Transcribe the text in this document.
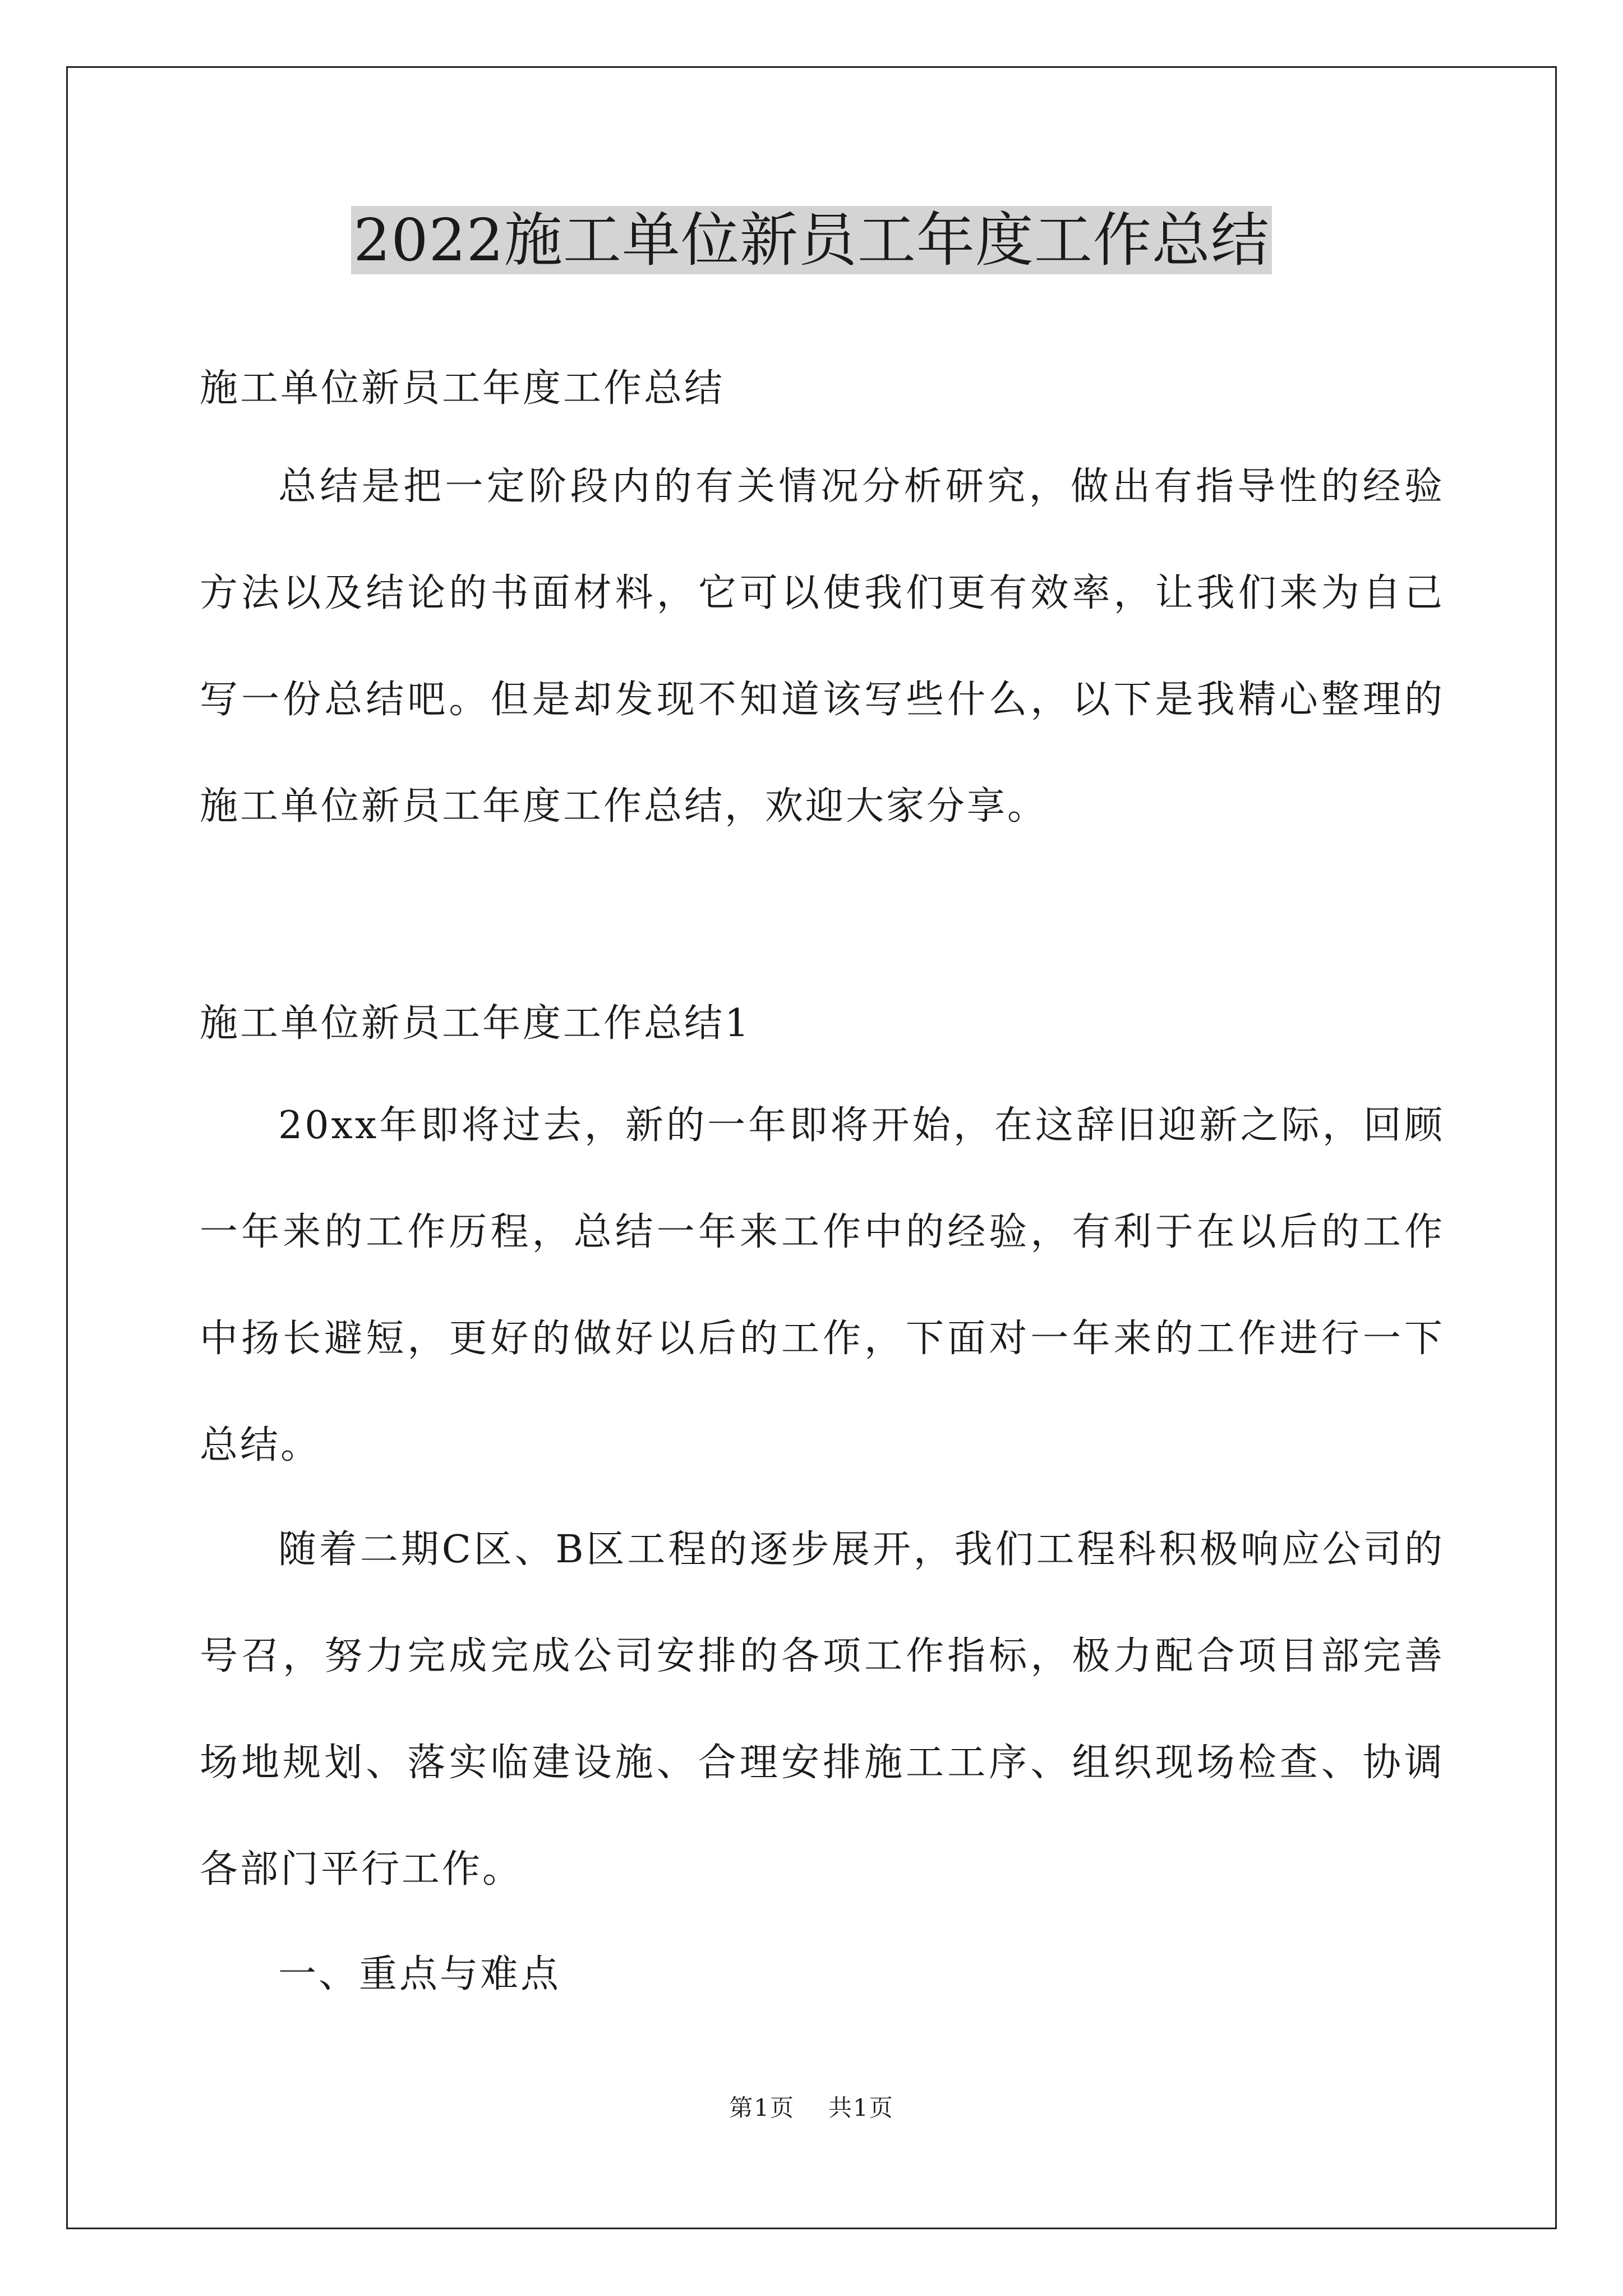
2022施工单位新员工年度工作总结

施工单位新员工年度工作总结

总结是把一定阶段内的有关情况分析研究，做出有指导性的经验方法以及结论的书面材料，它可以使我们更有效率，让我们来为自己写一份总结吧。但是却发现不知道该写些什么，以下是我精心整理的施工单位新员工年度工作总结，欢迎大家分享。

施工单位新员工年度工作总结1

20xx年即将过去，新的一年即将开始，在这辞旧迎新之际，回顾一年来的工作历程，总结一年来工作中的经验，有利于在以后的工作中扬长避短，更好的做好以后的工作，下面对一年来的工作进行一下总结。

随着二期C区、B区工程的逐步展开，我们工程科积极响应公司的号召，努力完成完成公司安排的各项工作指标，极力配合项目部完善场地规划、落实临建设施、合理安排施工工序、组织现场检查、协调各部门平行工作。

一、重点与难点

第1页 共1页
